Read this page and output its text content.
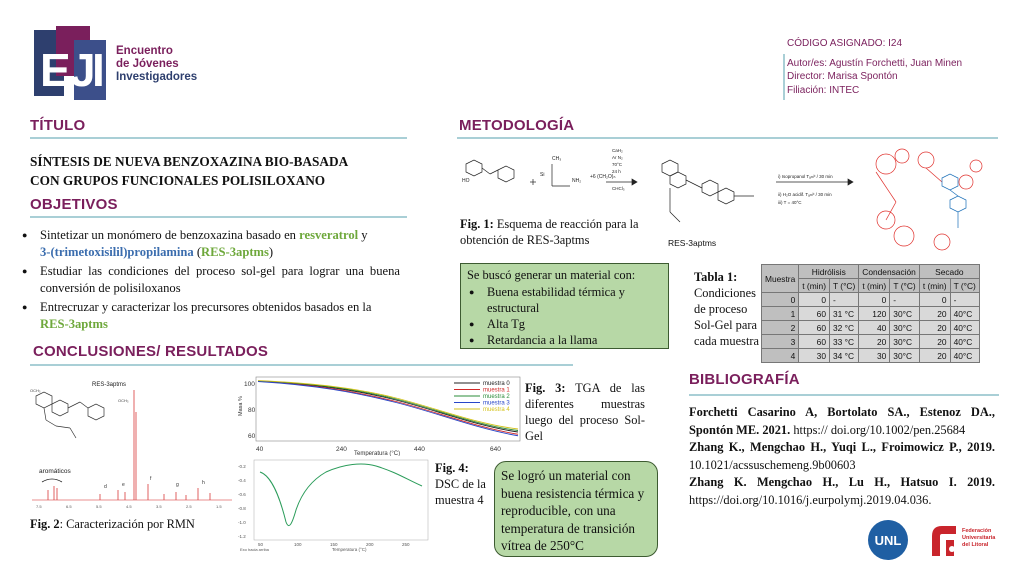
E J
I Encuentro
de Jóvenes
Investigadores
CÓDIGO ASIGNADO: I24
Autor/es: Agustín Forchetti, Juan Minen
Director: Marisa Spontón
Filiación: INTEC
TÍTULO
SÍNTESIS DE NUEVA BENZOXAZINA BIO-BASADA
CON GRUPOS FUNCIONALES POLISILOXANO
OBJETIVOS
● Sintetizar un monómero de benzoxazina basado en resveratrol y
3-(trimetoxisilil)propilamina (RES-3aptms)
● Estudiar las condiciones del proceso sol-gel para lograr una buena conversión de polisiloxanos
● Entrecruzar y caracterizar los precursores obtenidos basados en la
RES-3aptms
CONCLUSIONES/ RESULTADOS
RES-3aptms
OCH₃
OCH₃
aromáticos
d	e
f
g	h
7.5	6.5	5.5	4.5	3.5	2.5	1.5
Fig. 2: Caracterización por RMN
Masa %
100
80
60
40	240	440	640
Temperatura (°C)
muestra 0
muestra 1
muestra 2
muestra 3
muestra 4
-0.2
-0.4
-0.6
-0.8
-1.0
-1.2
50	100	150	200	250
Exo hacia arriba	Temperatura (°C)
Fig. 3: TGA de las diferentes muestras luego del proceso Sol-Gel
Fig. 4: DSC de la muestra 4
Se logró un material con buena resistencia térmica y reproducible, con una temperatura de transición vítrea de 250°C
METODOLOGÍA
CH₃
NH₂
Si
HO
+6 (CH₂O)ₙ
CaH₂
Ar N₂
70°C
24 h
CHCl₃
RES-3aptms
i) Isopropanol Tₐₘᵇ / 30 min
ii) H₂O acidif. Tₐₘᵇ / 30 min
iii) T = 40°C
Fig. 1: Esquema de reacción para la obtención de RES-3aptms
Se buscó generar un material con:
● Buena estabilidad térmica y estructural
● Alta Tg
● Retardancia a la llama
Tabla 1:
Condiciones de proceso Sol-Gel para cada muestra
Muestra	Hidrólisis		Condensación		Secado	
	t (min)	T (°C)	t (min)	T (°C)	t (min)	T (°C)
0	0	-	0	-	0	-
1	60	31 °C	120	30°C	20	40°C
2	60	32 °C	40	30°C	20	40°C
3	60	33 °C	20	30°C	20	40°C
4	30	34 °C	30	30°C	20	40°C
BIBLIOGRAFÍA

Forchetti Casarino A, Bortolato SA., Estenoz DA., Spontón ME. 2021. https:// doi.org/10.1002/pen.25684

Zhang K., Mengchao H., Yuqi L., Froimowicz P., 2019. 10.1021/acssuschemeng.9b00603

Zhang K. Mengchao H., Lu H., Hatsuo I. 2019. https://doi.org/10.1016/j.eurpolymj.2019.04.036.

UNL
Federación
Universitaria
del Litoral
